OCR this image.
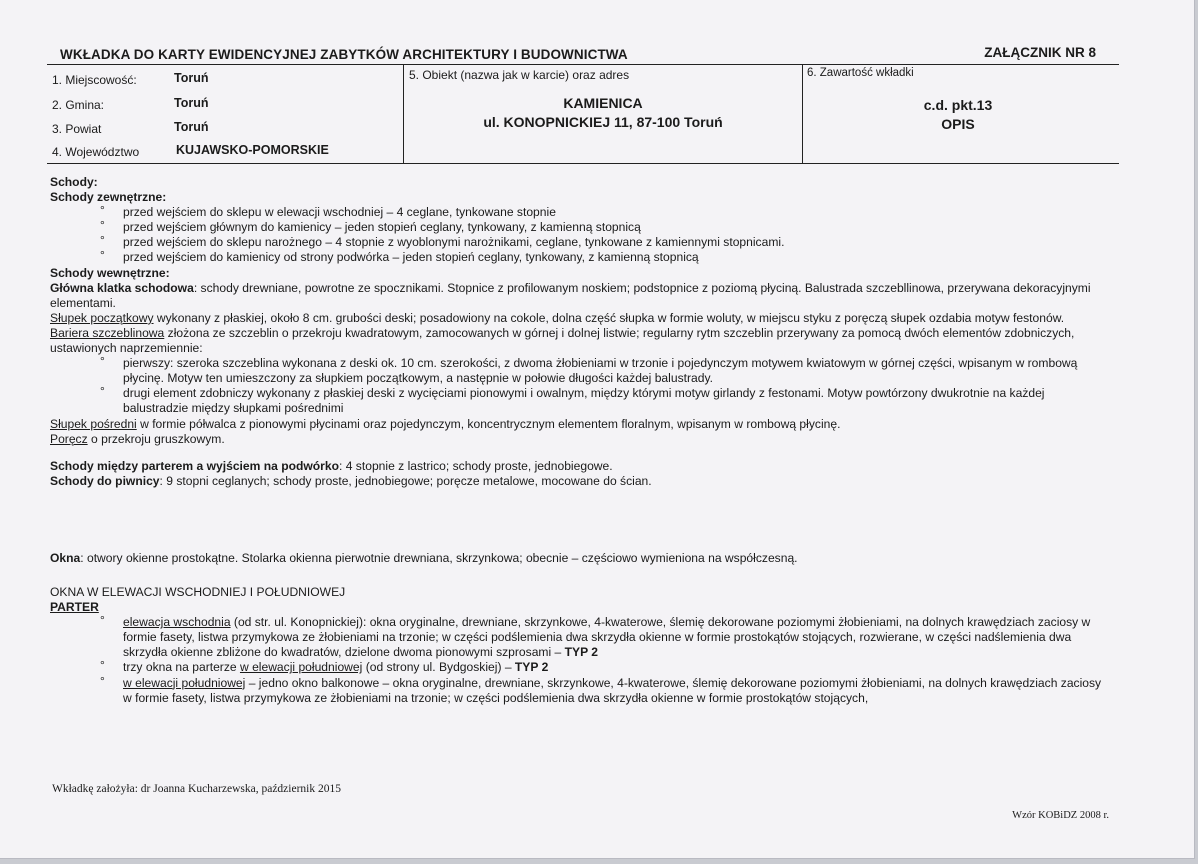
WKŁADKA DO KARTY EWIDENCYJNEJ ZABYTKÓW ARCHITEKTURY I BUDOWNICTWA	ZAŁĄCZNIK NR 8
1. Miejscowość:	Toruń
2. Gmina:	Toruń
3. Powiat	Toruń
4. Województwo	KUJAWSKO-POMORSKIE
5. Obiekt (nazwa jak w karcie) oraz adres
KAMIENICA
ul. KONOPNICKIEJ 11, 87-100 Toruń
6. Zawartość wkładki
c.d. pkt.13
OPIS

Schody:

Schody zewnętrzne:

° przed wejściem do sklepu w elewacji wschodniej – 4 ceglane, tynkowane stopnie

° przed wejściem głównym do kamienicy – jeden stopień ceglany, tynkowany, z kamienną stopnicą

° przed wejściem do sklepu narożnego – 4 stopnie z wyoblonymi narożnikami, ceglane, tynkowane z kamiennymi stopnicami.

° przed wejściem do kamienicy od strony podwórka – jeden stopień ceglany, tynkowany, z kamienną stopnicą

Schody wewnętrzne:

Główna klatka schodowa: schody drewniane, powrotne ze spocznikami. Stopnice z profilowanym noskiem; podstopnice z poziomą płyciną. Balustrada szczebllinowa, przerywana dekoracyjnymi elementami.

Słupek początkowy wykonany z płaskiej, około 8 cm. grubości deski; posadowiony na cokole, dolna część słupka w formie woluty, w miejscu styku z poręczą słupek ozdabia motyw festonów.

Bariera szczeblinowa złożona ze szczeblin o przekroju kwadratowym, zamocowanych w górnej i dolnej listwie; regularny rytm szczeblin przerywany za pomocą dwóch elementów zdobniczych, ustawionych naprzemiennie:

° pierwszy: szeroka szczeblina wykonana z deski ok. 10 cm. szerokości, z dwoma żłobieniami w trzonie i pojedynczym motywem kwiatowym w górnej części, wpisanym w rombową płycinę. Motyw ten umieszczony za słupkiem początkowym, a następnie w połowie długości każdej balustrady.

° drugi element zdobniczy wykonany z płaskiej deski z wycięciami pionowymi i owalnym, między którymi motyw girlandy z festonami. Motyw powtórzony dwukrotnie na każdej balustradzie między słupkami pośrednimi

Słupek pośredni w formie półwalca z pionowymi płycinami oraz pojedynczym, koncentrycznym elementem floralnym, wpisanym w rombową płycinę.

Poręcz o przekroju gruszkowym.

Schody między parterem a wyjściem na podwórko: 4 stopnie z lastrico; schody proste, jednobiegowe.

Schody do piwnicy: 9 stopni ceglanych; schody proste, jednobiegowe; poręcze metalowe, mocowane do ścian.

Okna: otwory okienne prostokątne. Stolarka okienna pierwotnie drewniana, skrzynkowa; obecnie – częściowo wymieniona na współczesną.

OKNA W ELEWACJI WSCHODNIEJ I POŁUDNIOWEJ

PARTER

° elewacja wschodnia (od str. ul. Konopnickiej): okna oryginalne, drewniane, skrzynkowe, 4-kwaterowe, ślemię dekorowane poziomymi żłobieniami, na dolnych krawędziach zaciosy w formie fasety, listwa przymykowa ze żłobieniami na trzonie; w części podślemienia dwa skrzydła okienne w formie prostokątów stojących, rozwierane, w części nadślemienia dwa skrzydła okienne zbliżone do kwadratów, dzielone dwoma pionowymi szprosami – TYP 2

° trzy okna na parterze w elewacji południowej (od strony ul. Bydgoskiej) – TYP 2

° w elewacji południowej – jedno okno balkonowe – okna oryginalne, drewniane, skrzynkowe, 4-kwaterowe, ślemię dekorowane poziomymi żłobieniami, na dolnych krawędziach zaciosy w formie fasety, listwa przymykowa ze żłobieniami na trzonie; w części podślemienia dwa skrzydła okienne w formie prostokątów stojących,

Wkładkę założyła: dr Joanna Kucharzewska, październik 2015
Wzór KOBiDZ 2008 r.
